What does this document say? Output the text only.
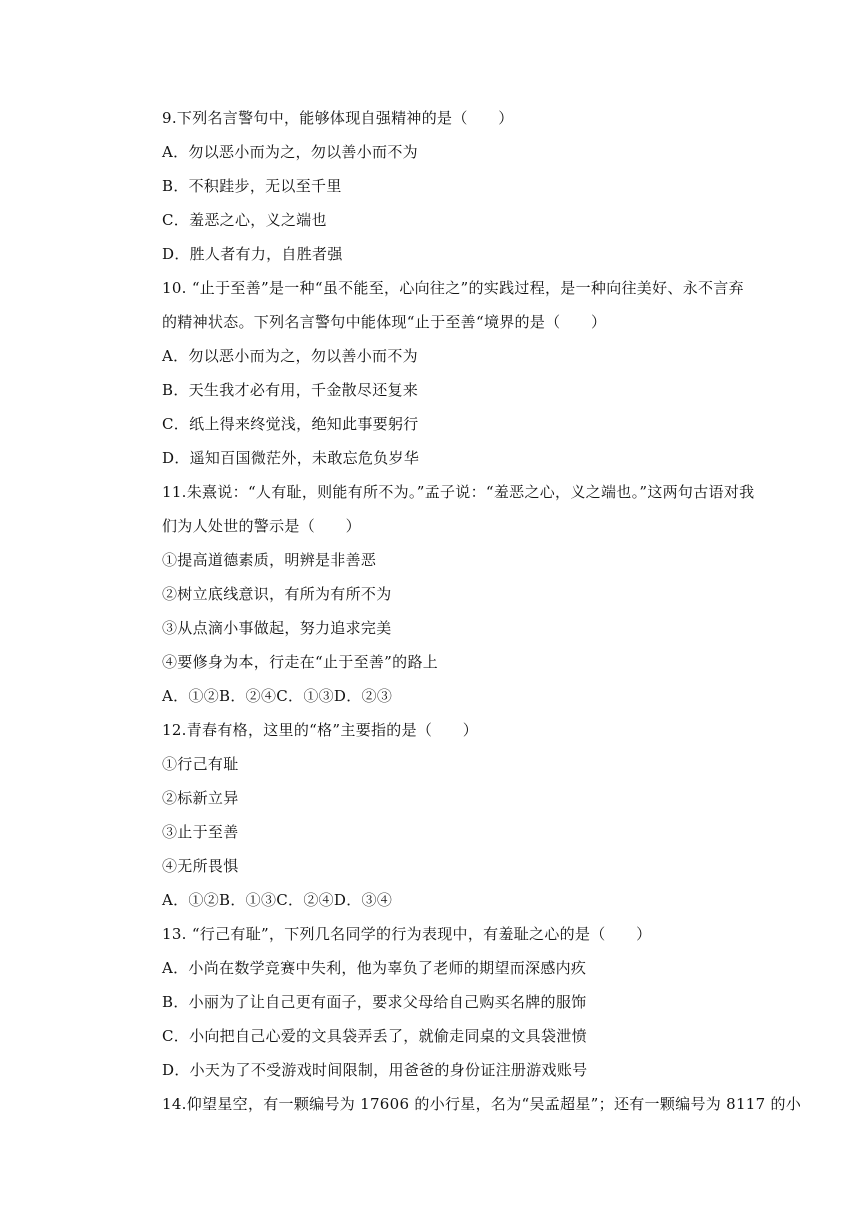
9.下列名言警句中，能够体现自强精神的是（　　）
A．勿以恶小而为之，勿以善小而不为
B．不积跬步，无以至千里
C．羞恶之心，义之端也
D．胜人者有力，自胜者强
10. “止于至善”是一种“虽不能至，心向往之”的实践过程，是一种向往美好、永不言弃
的精神状态。下列名言警句中能体现“止于至善“境界的是（　　）
A．勿以恶小而为之，勿以善小而不为
B．天生我才必有用，千金散尽还复来
C．纸上得来终觉浅，绝知此事要躬行
D．遥知百国微茫外，未敢忘危负岁华
11.朱熹说：“人有耻，则能有所不为。”孟子说：“羞恶之心，义之端也。”这两句古语对我
们为人处世的警示是（　　）
①提高道德素质，明辨是非善恶
②树立底线意识，有所为有所不为
③从点滴小事做起，努力追求完美
④要修身为本，行走在“止于至善”的路上
A．①②B．②④C．①③D．②③
12.青春有格，这里的“格”主要指的是（　　）
①行己有耻
②标新立异
③止于至善
④无所畏惧
A．①②B．①③C．②④D．③④
13. “行己有耻”，下列几名同学的行为表现中，有羞耻之心的是（　　）
A．小尚在数学竞赛中失利，他为辜负了老师的期望而深感内疚
B．小丽为了让自己更有面子，要求父母给自己购买名牌的服饰
C．小向把自己心爱的文具袋弄丢了，就偷走同桌的文具袋泄愤
D．小天为了不受游戏时间限制，用爸爸的身份证注册游戏账号
14.仰望星空，有一颗编号为 17606 的小行星，名为“吴孟超星”；还有一颗编号为 8117 的小
